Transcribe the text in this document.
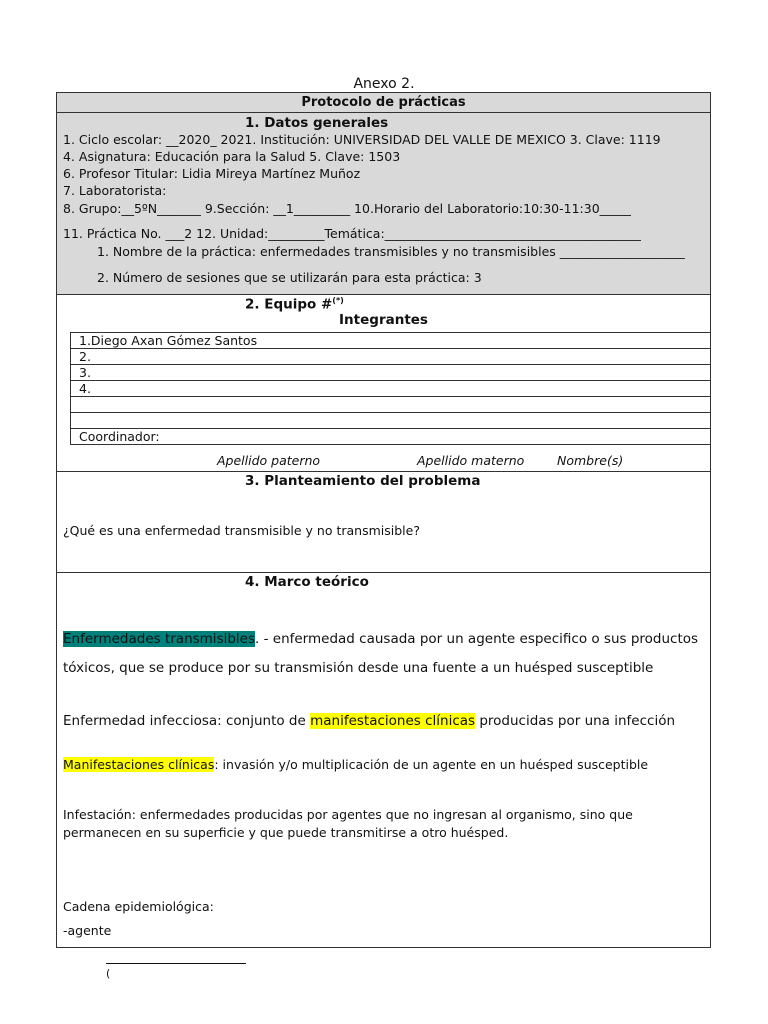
Anexo 2.
Protocolo de prácticas
1. Datos generales
1. Ciclo escolar: __2020_ 2021. Institución: UNIVERSIDAD DEL VALLE DE MEXICO 3. Clave: 1119
4. Asignatura: Educación para la Salud 5. Clave: 1503
6. Profesor Titular: Lidia Mireya Martínez Muñoz
7. Laboratorista:
8. Grupo:__5ºN_______ 9.Sección: __1_________ 10.Horario del Laboratorio:10:30-11:30_____
11. Práctica No. ___2 12. Unidad:_________Temática:_________________________________________
1. Nombre de la práctica: enfermedades transmisibles y no transmisibles ____________________
2. Número de sesiones que se utilizarán para esta práctica: 3
2. Equipo #(*)
Integrantes
1.Diego Axan Gómez Santos
2.
3.
4.

Coordinador:
Apellido paterno	Apellido materno	Nombre(s)
3. Planteamiento del problema
¿Qué es una enfermedad transmisible y no transmisible?
4. Marco teórico
Enfermedades transmisibles. - enfermedad causada por un agente especifico o sus productos
tóxicos, que se produce por su transmisión desde una fuente a un huésped susceptible
Enfermedad infecciosa: conjunto de manifestaciones clínicas producidas por una infección
Manifestaciones clínicas: invasión y/o multiplicación de un agente en un huésped susceptible
Infestación: enfermedades producidas por agentes que no ingresan al organismo, sino que permanecen en su superficie y que puede transmitirse a otro huésped.
Cadena epidemiológica:
-agente
(
